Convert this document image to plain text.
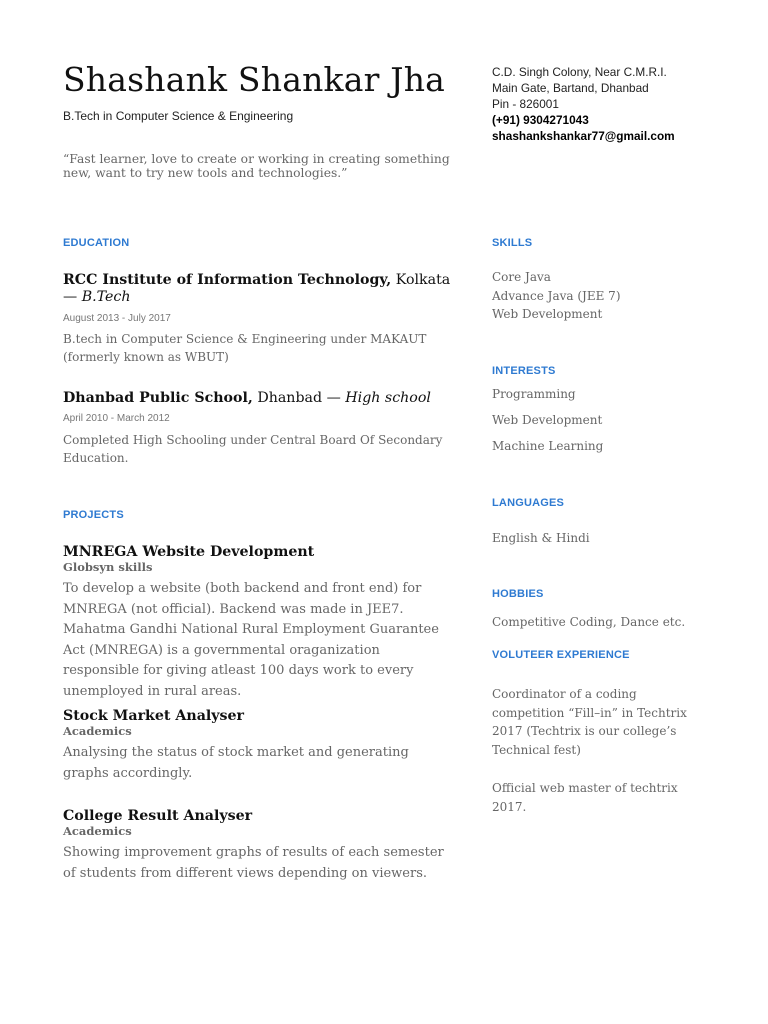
Shashank Shankar Jha
B.Tech in Computer Science & Engineering
“Fast learner, love to create or working in creating something new, want to try new tools and technologies.”
C.D. Singh Colony, Near C.M.R.I.
Main Gate, Bartand, Dhanbad
Pin - 826001
(+91) 9304271043
shashankshankar77@gmail.com
EDUCATION
RCC Institute of Information Technology, Kolkata — B.Tech
August 2013 - July 2017
B.tech in Computer Science & Engineering under MAKAUT (formerly known as WBUT)
Dhanbad Public School, Dhanbad — High school
April 2010 - March 2012
Completed High Schooling under Central Board Of Secondary Education.
PROJECTS
MNREGA Website Development
Globsyn skills
To develop a website (both backend and front end) for MNREGA (not official). Backend was made in JEE7. Mahatma Gandhi National Rural Employment Guarantee Act (MNREGA) is a governmental oraganization responsible for giving atleast 100 days work to every unemployed in rural areas.
Stock Market Analyser
Academics
Analysing the status of stock market and generating graphs accordingly.
College Result Analyser
Academics
Showing improvement graphs of results of each semester of students from different views depending on viewers.
SKILLS
Core Java
Advance Java (JEE 7)
Web Development
INTERESTS
Programming
Web Development
Machine Learning
LANGUAGES
English & Hindi
HOBBIES
Competitive Coding, Dance etc.
VOLUTEER EXPERIENCE
Coordinator of a coding competition “Fill–in” in Techtrix 2017 (Techtrix is our college’s Technical fest)
Official web master of techtrix 2017.
